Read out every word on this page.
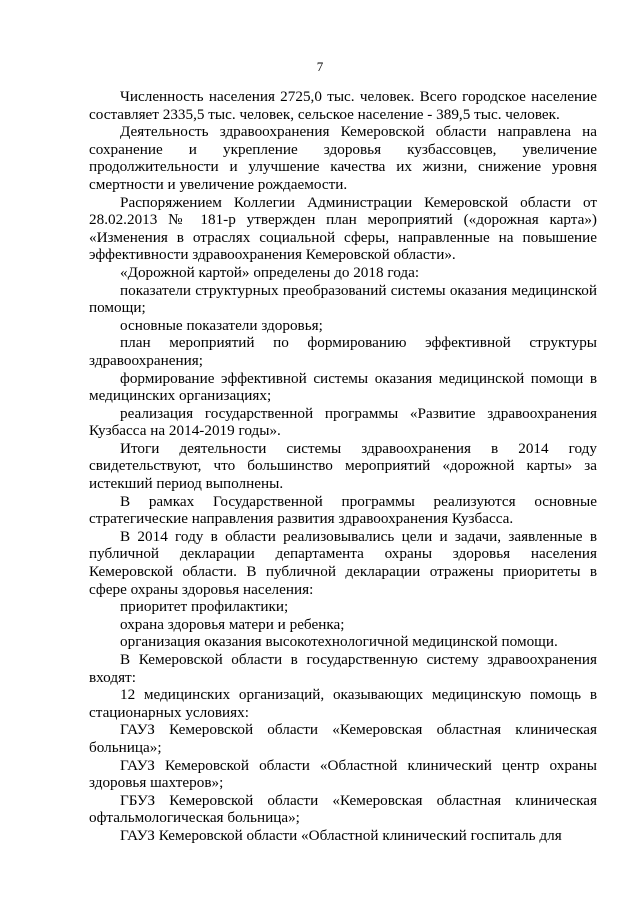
7

Численность населения 2725,0 тыс. человек. Всего городское население составляет 2335,5 тыс. человек, сельское население - 389,5 тыс. человек.

Деятельность здравоохранения Кемеровской области направлена на сохранение и укрепление здоровья кузбассовцев, увеличение продолжительности и улучшение качества их жизни, снижение уровня смертности и увеличение рождаемости.

Распоряжением Коллегии Администрации Кемеровской области от 28.02.2013 № 181-р утвержден план мероприятий («дорожная карта») «Изменения в отраслях социальной сферы, направленные на повышение эффективности здравоохранения Кемеровской области».

«Дорожной картой» определены до 2018 года:

показатели структурных преобразований системы оказания медицинской помощи;

основные показатели здоровья;

план мероприятий по формированию эффективной структуры здравоохранения;

формирование эффективной системы оказания медицинской помощи в медицинских организациях;

реализация государственной программы «Развитие здравоохранения Кузбасса на 2014-2019 годы».

Итоги деятельности системы здравоохранения в 2014 году свидетельствуют, что большинство мероприятий «дорожной карты» за истекший период выполнены.

В рамках Государственной программы реализуются основные стратегические направления развития здравоохранения Кузбасса.

В 2014 году в области реализовывались цели и задачи, заявленные в публичной декларации департамента охраны здоровья населения Кемеровской области. В публичной декларации отражены приоритеты в сфере охраны здоровья населения:

приоритет профилактики;

охрана здоровья матери и ребенка;

организация оказания высокотехнологичной медицинской помощи.

В Кемеровской области в государственную систему здравоохранения входят:

12 медицинских организаций, оказывающих медицинскую помощь в стационарных условиях:

ГАУЗ Кемеровской области «Кемеровская областная клиническая больница»;

ГАУЗ Кемеровской области «Областной клинический центр охраны здоровья шахтеров»;

ГБУЗ Кемеровской области «Кемеровская областная клиническая офтальмологическая больница»;

ГАУЗ Кемеровской области «Областной клинический госпиталь для
